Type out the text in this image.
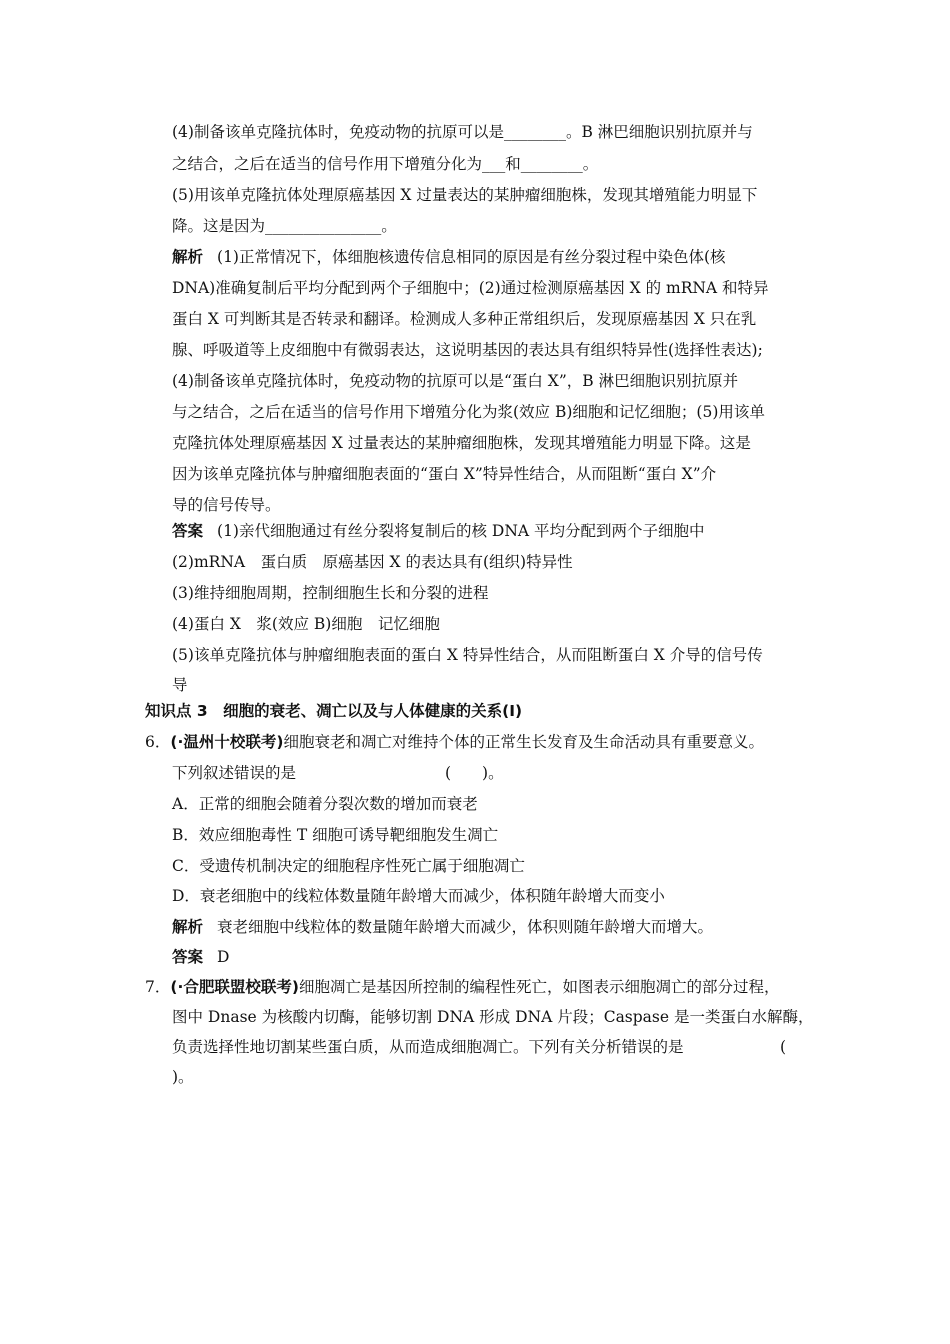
(4)制备该单克隆抗体时，免疫动物的抗原可以是________。B 淋巴细胞识别抗原并与
之结合，之后在适当的信号作用下增殖分化为___和________。
(5)用该单克隆抗体处理原癌基因 X 过量表达的某肿瘤细胞株，发现其增殖能力明显下
降。这是因为_______________。
解析 (1)正常情况下，体细胞核遗传信息相同的原因是有丝分裂过程中染色体(核
DNA)准确复制后平均分配到两个子细胞中；(2)通过检测原癌基因 X 的 mRNA 和特异
蛋白 X 可判断其是否转录和翻译。检测成人多种正常组织后，发现原癌基因 X 只在乳
腺、呼吸道等上皮细胞中有微弱表达，这说明基因的表达具有组织特异性(选择性表达);
(4)制备该单克隆抗体时，免疫动物的抗原可以是“蛋白 X”，B 淋巴细胞识别抗原并
与之结合，之后在适当的信号作用下增殖分化为浆(效应 B)细胞和记忆细胞；(5)用该单
克隆抗体处理原癌基因 X 过量表达的某肿瘤细胞株，发现其增殖能力明显下降。这是
因为该单克隆抗体与肿瘤细胞表面的“蛋白 X”特异性结合，从而阻断“蛋白 X”介
导的信号传导。
答案 (1)亲代细胞通过有丝分裂将复制后的核 DNA 平均分配到两个子细胞中
(2)mRNA　蛋白质　原癌基因 X 的表达具有(组织)特异性
(3)维持细胞周期，控制细胞生长和分裂的进程
(4)蛋白 X　浆(效应 B)细胞　记忆细胞
(5)该单克隆抗体与肿瘤细胞表面的蛋白 X 特异性结合，从而阻断蛋白 X 介导的信号传
导
知识点 3　细胞的衰老、凋亡以及与人体健康的关系(Ⅰ)
6．(·温州十校联考)细胞衰老和凋亡对维持个体的正常生长发育及生命活动具有重要意义。
下列叙述错误的是	(　　)。
A．正常的细胞会随着分裂次数的增加而衰老
B．效应细胞毒性 T 细胞可诱导靶细胞发生凋亡
C．受遗传机制决定的细胞程序性死亡属于细胞凋亡
D．衰老细胞中的线粒体数量随年龄增大而减少，体积随年龄增大而变小
解析 衰老细胞中线粒体的数量随年龄增大而减少，体积则随年龄增大而增大。
答案 D
7．(·合肥联盟校联考)细胞凋亡是基因所控制的编程性死亡，如图表示细胞凋亡的部分过程，
图中 Dnase 为核酸内切酶，能够切割 DNA 形成 DNA 片段；Caspase 是一类蛋白水解酶，
负责选择性地切割某些蛋白质，从而造成细胞凋亡。下列有关分析错误的是	(
)。
